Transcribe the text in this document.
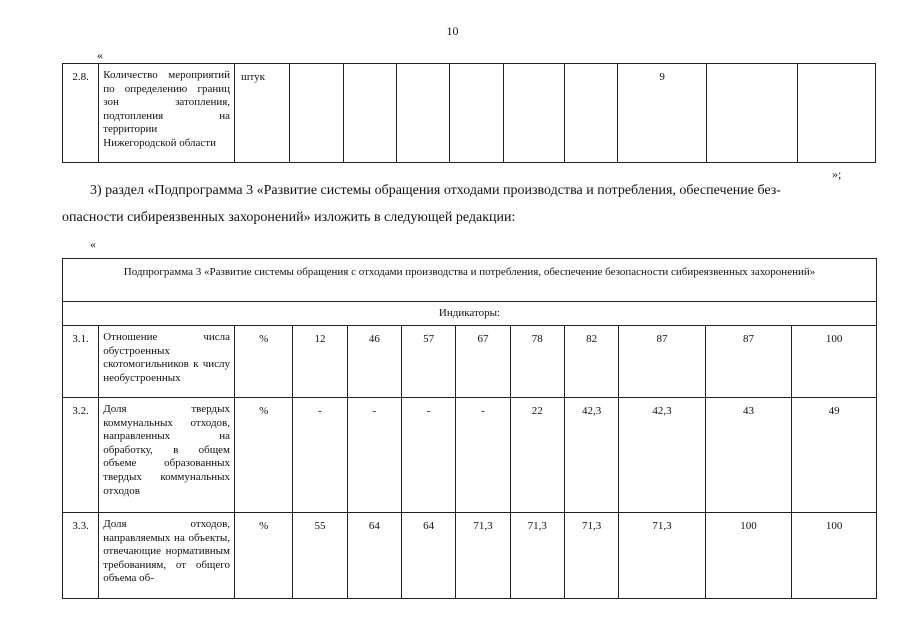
10
«
2.8.	Количество мероприятий по определению границ зон затопления, подтопления на территории Нижегородской области	штук							9		
»;
3) раздел «Подпрограмма 3 «Развитие системы обращения отходами производства и потребления, обеспечение без-
опасности сибиреязвенных захоронений» изложить в следующей редакции:
«
Подпрограмма 3 «Развитие системы обращения с отходами производства и потребления, обеспечение безопасности сибиреязвенных захоронений»											
Индикаторы:											
3.1.	Отношение числа обустроенных скотомогильников к числу необустроенных	%	12	46	57	67	78	82	87	87	100
3.2.	Доля твердых коммунальных отходов, направленных на обработку, в общем объеме образованных твердых коммунальных отходов	%	-	-	-	-	22	42,3	42,3	43	49
3.3.	Доля отходов, направляемых на объекты, отвечающие нормативным требованиям, от общего объема об-	%	55	64	64	71,3	71,3	71,3	71,3	100	100
